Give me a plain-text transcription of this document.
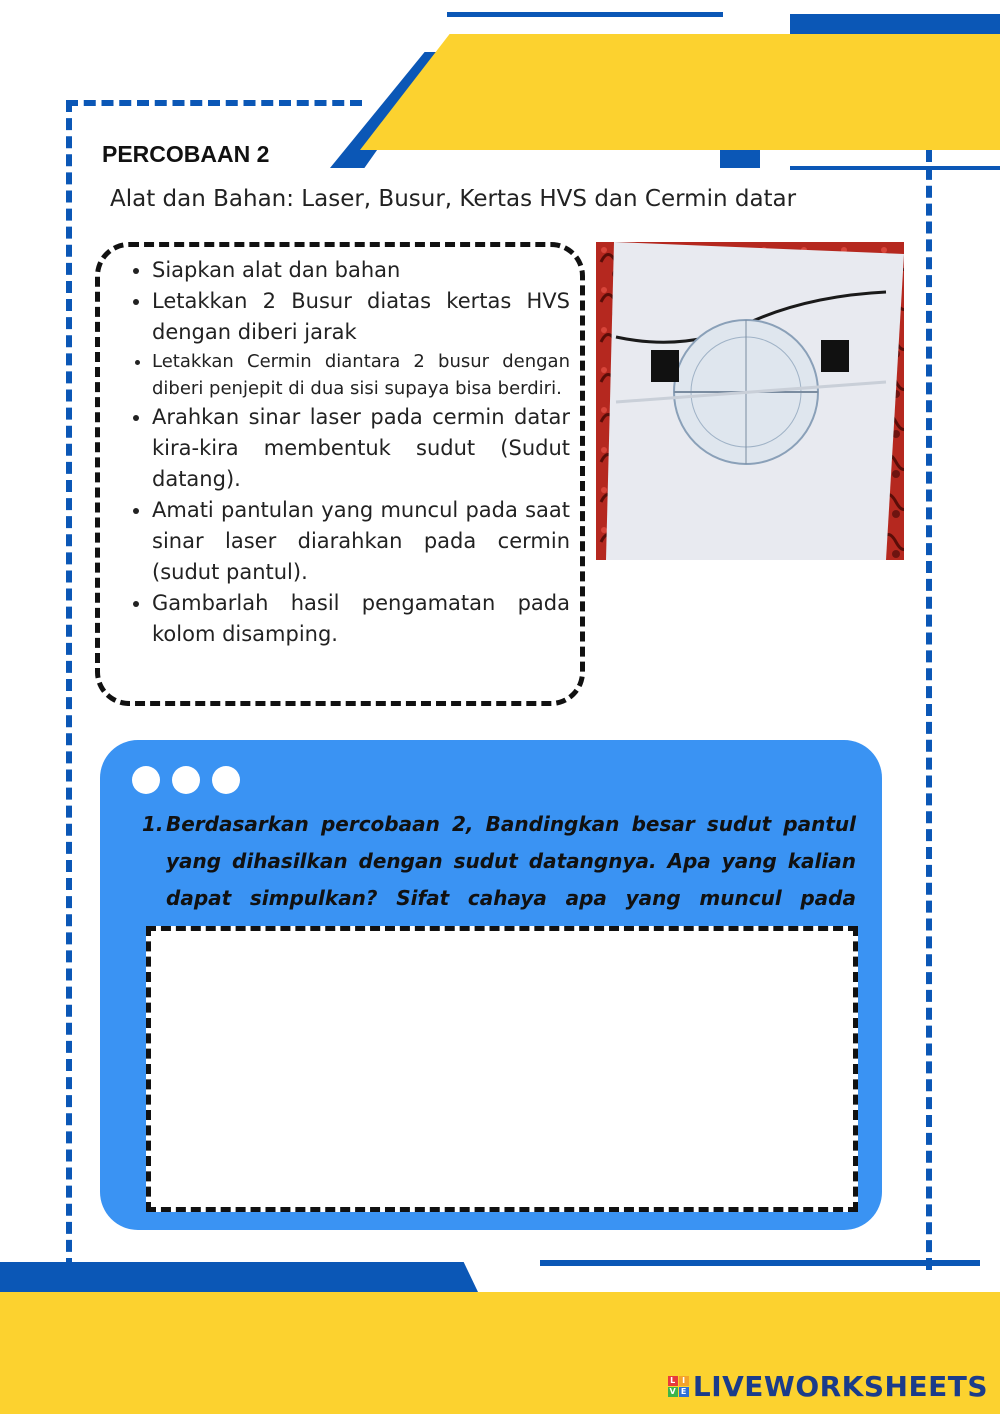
PERCOBAAN 2
Alat dan Bahan: Laser, Busur, Kertas HVS dan Cermin datar
• Siapkan alat dan bahan
• Letakkan 2 Busur diatas kertas HVS dengan diberi jarak
• Letakkan Cermin diantara 2 busur dengan diberi penjepit di dua sisi supaya bisa berdiri.
• Arahkan sinar laser pada cermin datar kira-kira membentuk sudut (Sudut datang).
• Amati pantulan yang muncul pada saat sinar laser diarahkan pada cermin (sudut pantul).
• Gambarlah hasil pengamatan pada kolom disamping.
1. Berdasarkan percobaan 2, Bandingkan besar sudut pantul yang dihasilkan dengan sudut datangnya. Apa yang kalian dapat simpulkan? Sifat cahaya apa yang muncul pada
L I
V E LIVEWORKSHEETS
